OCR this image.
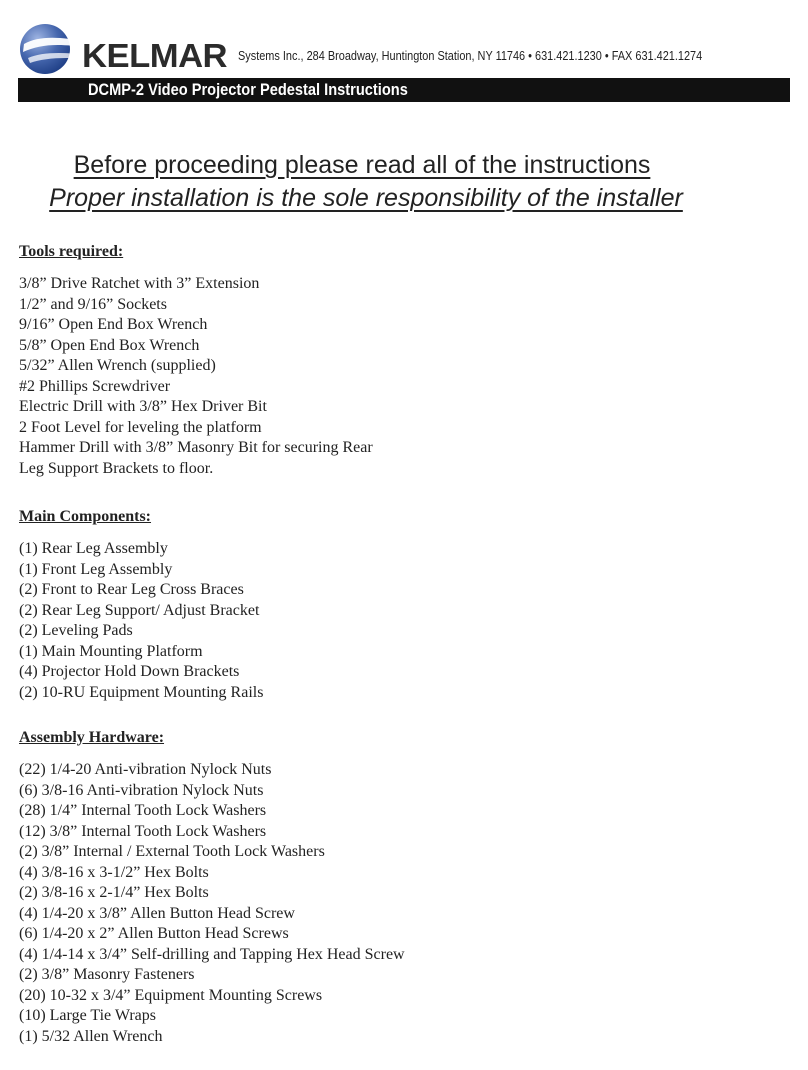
KELMAR Systems Inc., 284 Broadway, Huntington Station, NY 11746 • 631.421.1230 • FAX 631.421.1274
DCMP-2 Video Projector Pedestal Instructions
Before proceeding please read all of the instructions
Proper installation is the sole responsibility of the installer
Tools required:
3/8” Drive Ratchet with 3” Extension
1/2” and 9/16” Sockets
9/16” Open End Box Wrench
5/8” Open End Box Wrench
5/32” Allen Wrench (supplied)
#2 Phillips Screwdriver
Electric Drill with 3/8” Hex Driver Bit
2 Foot Level for leveling the platform
Hammer Drill with 3/8” Masonry Bit for securing Rear
Leg Support Brackets to floor.
Main Components:
(1) Rear Leg Assembly
(1) Front Leg Assembly
(2) Front to Rear Leg Cross Braces
(2) Rear Leg Support/ Adjust Bracket
(2) Leveling Pads
(1) Main Mounting Platform
(4) Projector Hold Down Brackets
(2) 10-RU Equipment Mounting Rails
Assembly Hardware:
(22) 1/4-20 Anti-vibration Nylock Nuts
(6) 3/8-16 Anti-vibration Nylock Nuts
(28) 1/4” Internal Tooth Lock Washers
(12) 3/8” Internal Tooth Lock Washers
(2) 3/8” Internal / External Tooth Lock Washers
(4) 3/8-16 x 3-1/2” Hex Bolts
(2) 3/8-16 x 2-1/4” Hex Bolts
(4) 1/4-20 x 3/8” Allen Button Head Screw
(6) 1/4-20 x 2” Allen Button Head Screws
(4) 1/4-14 x 3/4” Self-drilling and Tapping Hex Head Screw
(2) 3/8” Masonry Fasteners
(20) 10-32 x 3/4” Equipment Mounting Screws
(10) Large Tie Wraps
(1) 5/32 Allen Wrench
